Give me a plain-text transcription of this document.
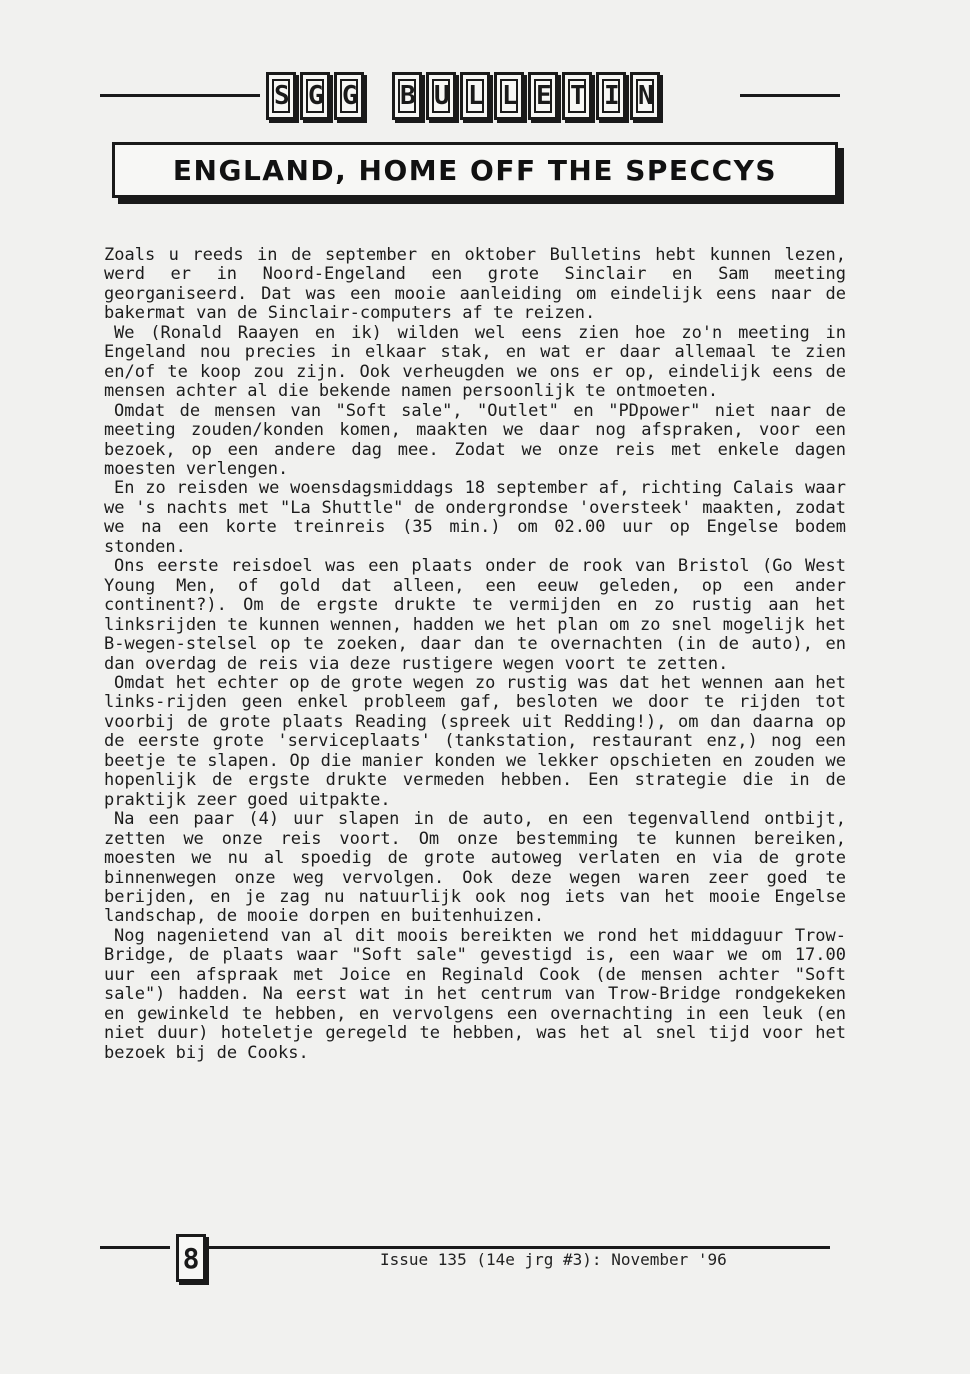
S G G B U L L E T I N
ENGLAND, HOME OFF THE SPECCYS

Zoals u reeds in de september en oktober Bulletins hebt kunnen lezen, werd er in Noord-Engeland een grote Sinclair en Sam meeting georganiseerd. Dat was een mooie aanleiding om eindelijk eens naar de bakermat van de Sinclair-computers af te reizen.

We (Ronald Raayen en ik) wilden wel eens zien hoe zo'n meeting in Engeland nou precies in elkaar stak, en wat er daar allemaal te zien en/of te koop zou zijn. Ook verheugden we ons er op, eindelijk eens de mensen achter al die bekende namen persoonlijk te ontmoeten.

Omdat de mensen van "Soft sale", "Outlet" en "PDpower" niet naar de meeting zouden/konden komen, maakten we daar nog afspraken, voor een bezoek, op een andere dag mee. Zodat we onze reis met enkele dagen moesten verlengen.

En zo reisden we woensdagsmiddags 18 september af, richting Calais waar we 's nachts met "La Shuttle" de ondergrondse 'oversteek' maakten, zodat we na een korte treinreis (35 min.) om 02.00 uur op Engelse bodem stonden.

Ons eerste reisdoel was een plaats onder de rook van Bristol (Go West Young Men, of gold dat alleen, een eeuw geleden, op een ander continent?). Om de ergste drukte te vermijden en zo rustig aan het linksrijden te kunnen wennen, hadden we het plan om zo snel mogelijk het B-wegen-stelsel op te zoeken, daar dan te overnachten (in de auto), en dan overdag de reis via deze rustigere wegen voort te zetten.

Omdat het echter op de grote wegen zo rustig was dat het wennen aan het links-rijden geen enkel probleem gaf, besloten we door te rijden tot voorbij de grote plaats Reading (spreek uit Redding!), om dan daarna op de eerste grote 'serviceplaats' (tankstation, restaurant enz,) nog een beetje te slapen. Op die manier konden we lekker opschieten en zouden we hopenlijk de ergste drukte vermeden hebben. Een strategie die in de praktijk zeer goed uitpakte.

Na een paar (4) uur slapen in de auto, en een tegenvallend ontbijt, zetten we onze reis voort. Om onze bestemming te kunnen bereiken, moesten we nu al spoedig de grote autoweg verlaten en via de grote binnenwegen onze weg vervolgen. Ook deze wegen waren zeer goed te berijden, en je zag nu natuurlijk ook nog iets van het mooie Engelse landschap, de mooie dorpen en buitenhuizen.

Nog nagenietend van al dit moois bereikten we rond het middaguur Trow-Bridge, de plaats waar "Soft sale" gevestigd is, een waar we om 17.00 uur een afspraak met Joice en Reginald Cook (de mensen achter "Soft sale") hadden. Na eerst wat in het centrum van Trow-Bridge rondgekeken en gewinkeld te hebben, en vervolgens een overnachting in een leuk (en niet duur) hoteletje geregeld te hebben, was het al snel tijd voor het bezoek bij de Cooks.

8	Issue 135 (14e jrg #3): November '96
